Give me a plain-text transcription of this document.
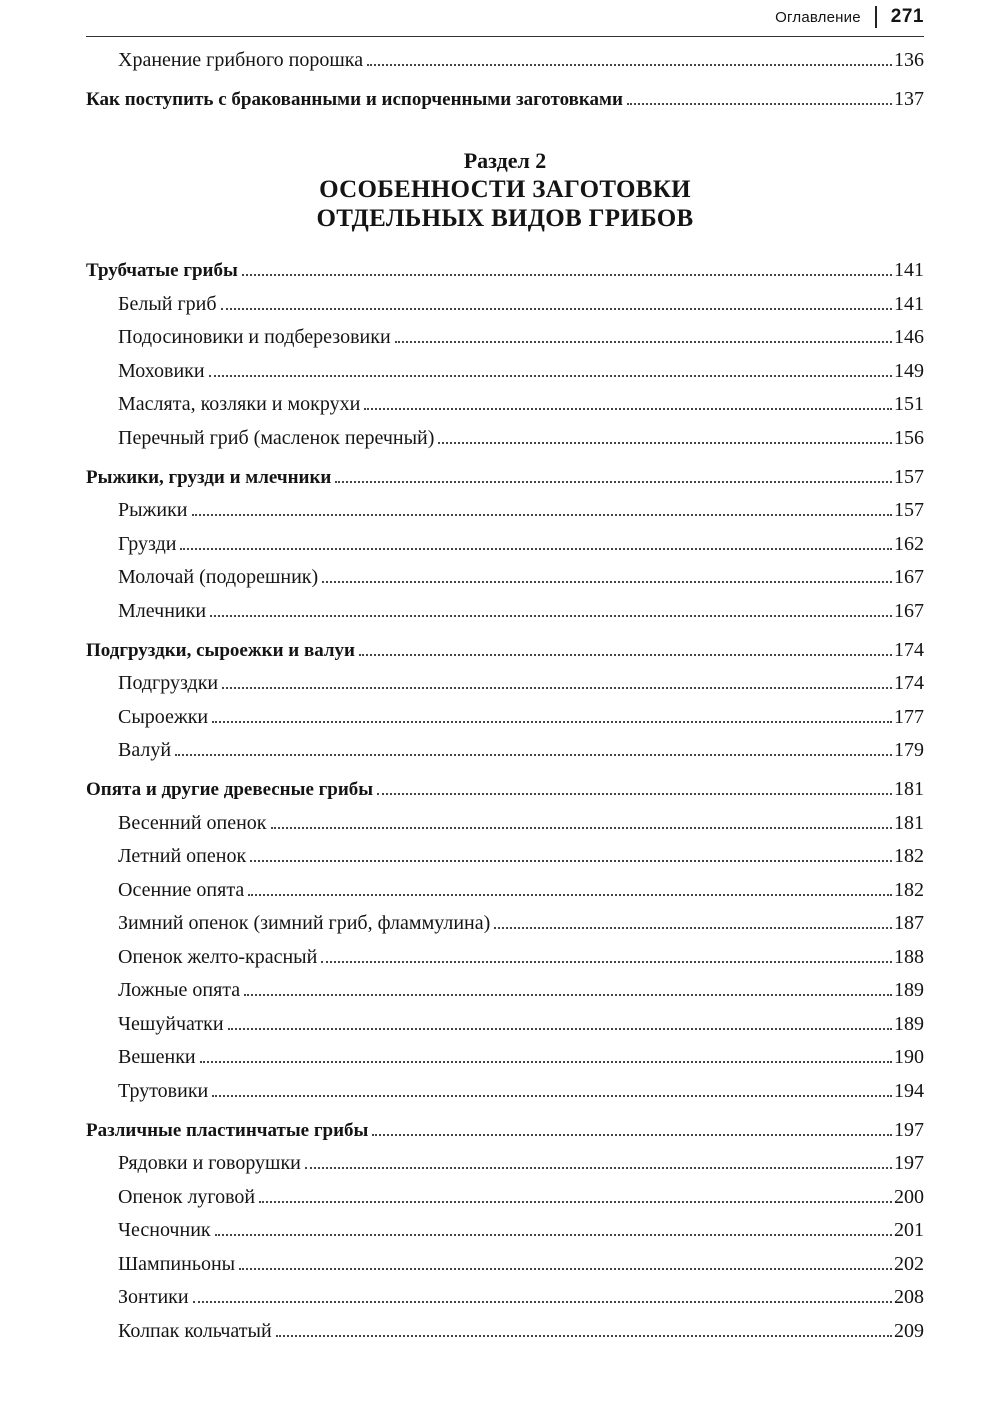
Оглавление 271
Хранение грибного порошка	136
Как поступить с бракованными и испорченными заготовками	137
Раздел 2
ОСОБЕННОСТИ ЗАГОТОВКИ
ОТДЕЛЬНЫХ ВИДОВ ГРИБОВ
Трубчатые грибы	141
Белый гриб	141
Подосиновики и подберезовики	146
Моховики	149
Маслята, козляки и мокрухи	151
Перечный гриб (масленок перечный)	156
Рыжики, грузди и млечники	157
Рыжики	157
Грузди	162
Молочай (подорешник)	167
Млечники	167
Подгруздки, сыроежки и валуи	174
Подгруздки	174
Сыроежки	177
Валуй	179
Опята и другие древесные грибы	181
Весенний опенок	181
Летний опенок	182
Осенние опята	182
Зимний опенок (зимний гриб, фламмулина)	187
Опенок желто-красный	188
Ложные опята	189
Чешуйчатки	189
Вешенки	190
Трутовики	194
Различные пластинчатые грибы	197
Рядовки и говорушки	197
Опенок луговой	200
Чесночник	201
Шампиньоны	202
Зонтики	208
Колпак кольчатый	209
